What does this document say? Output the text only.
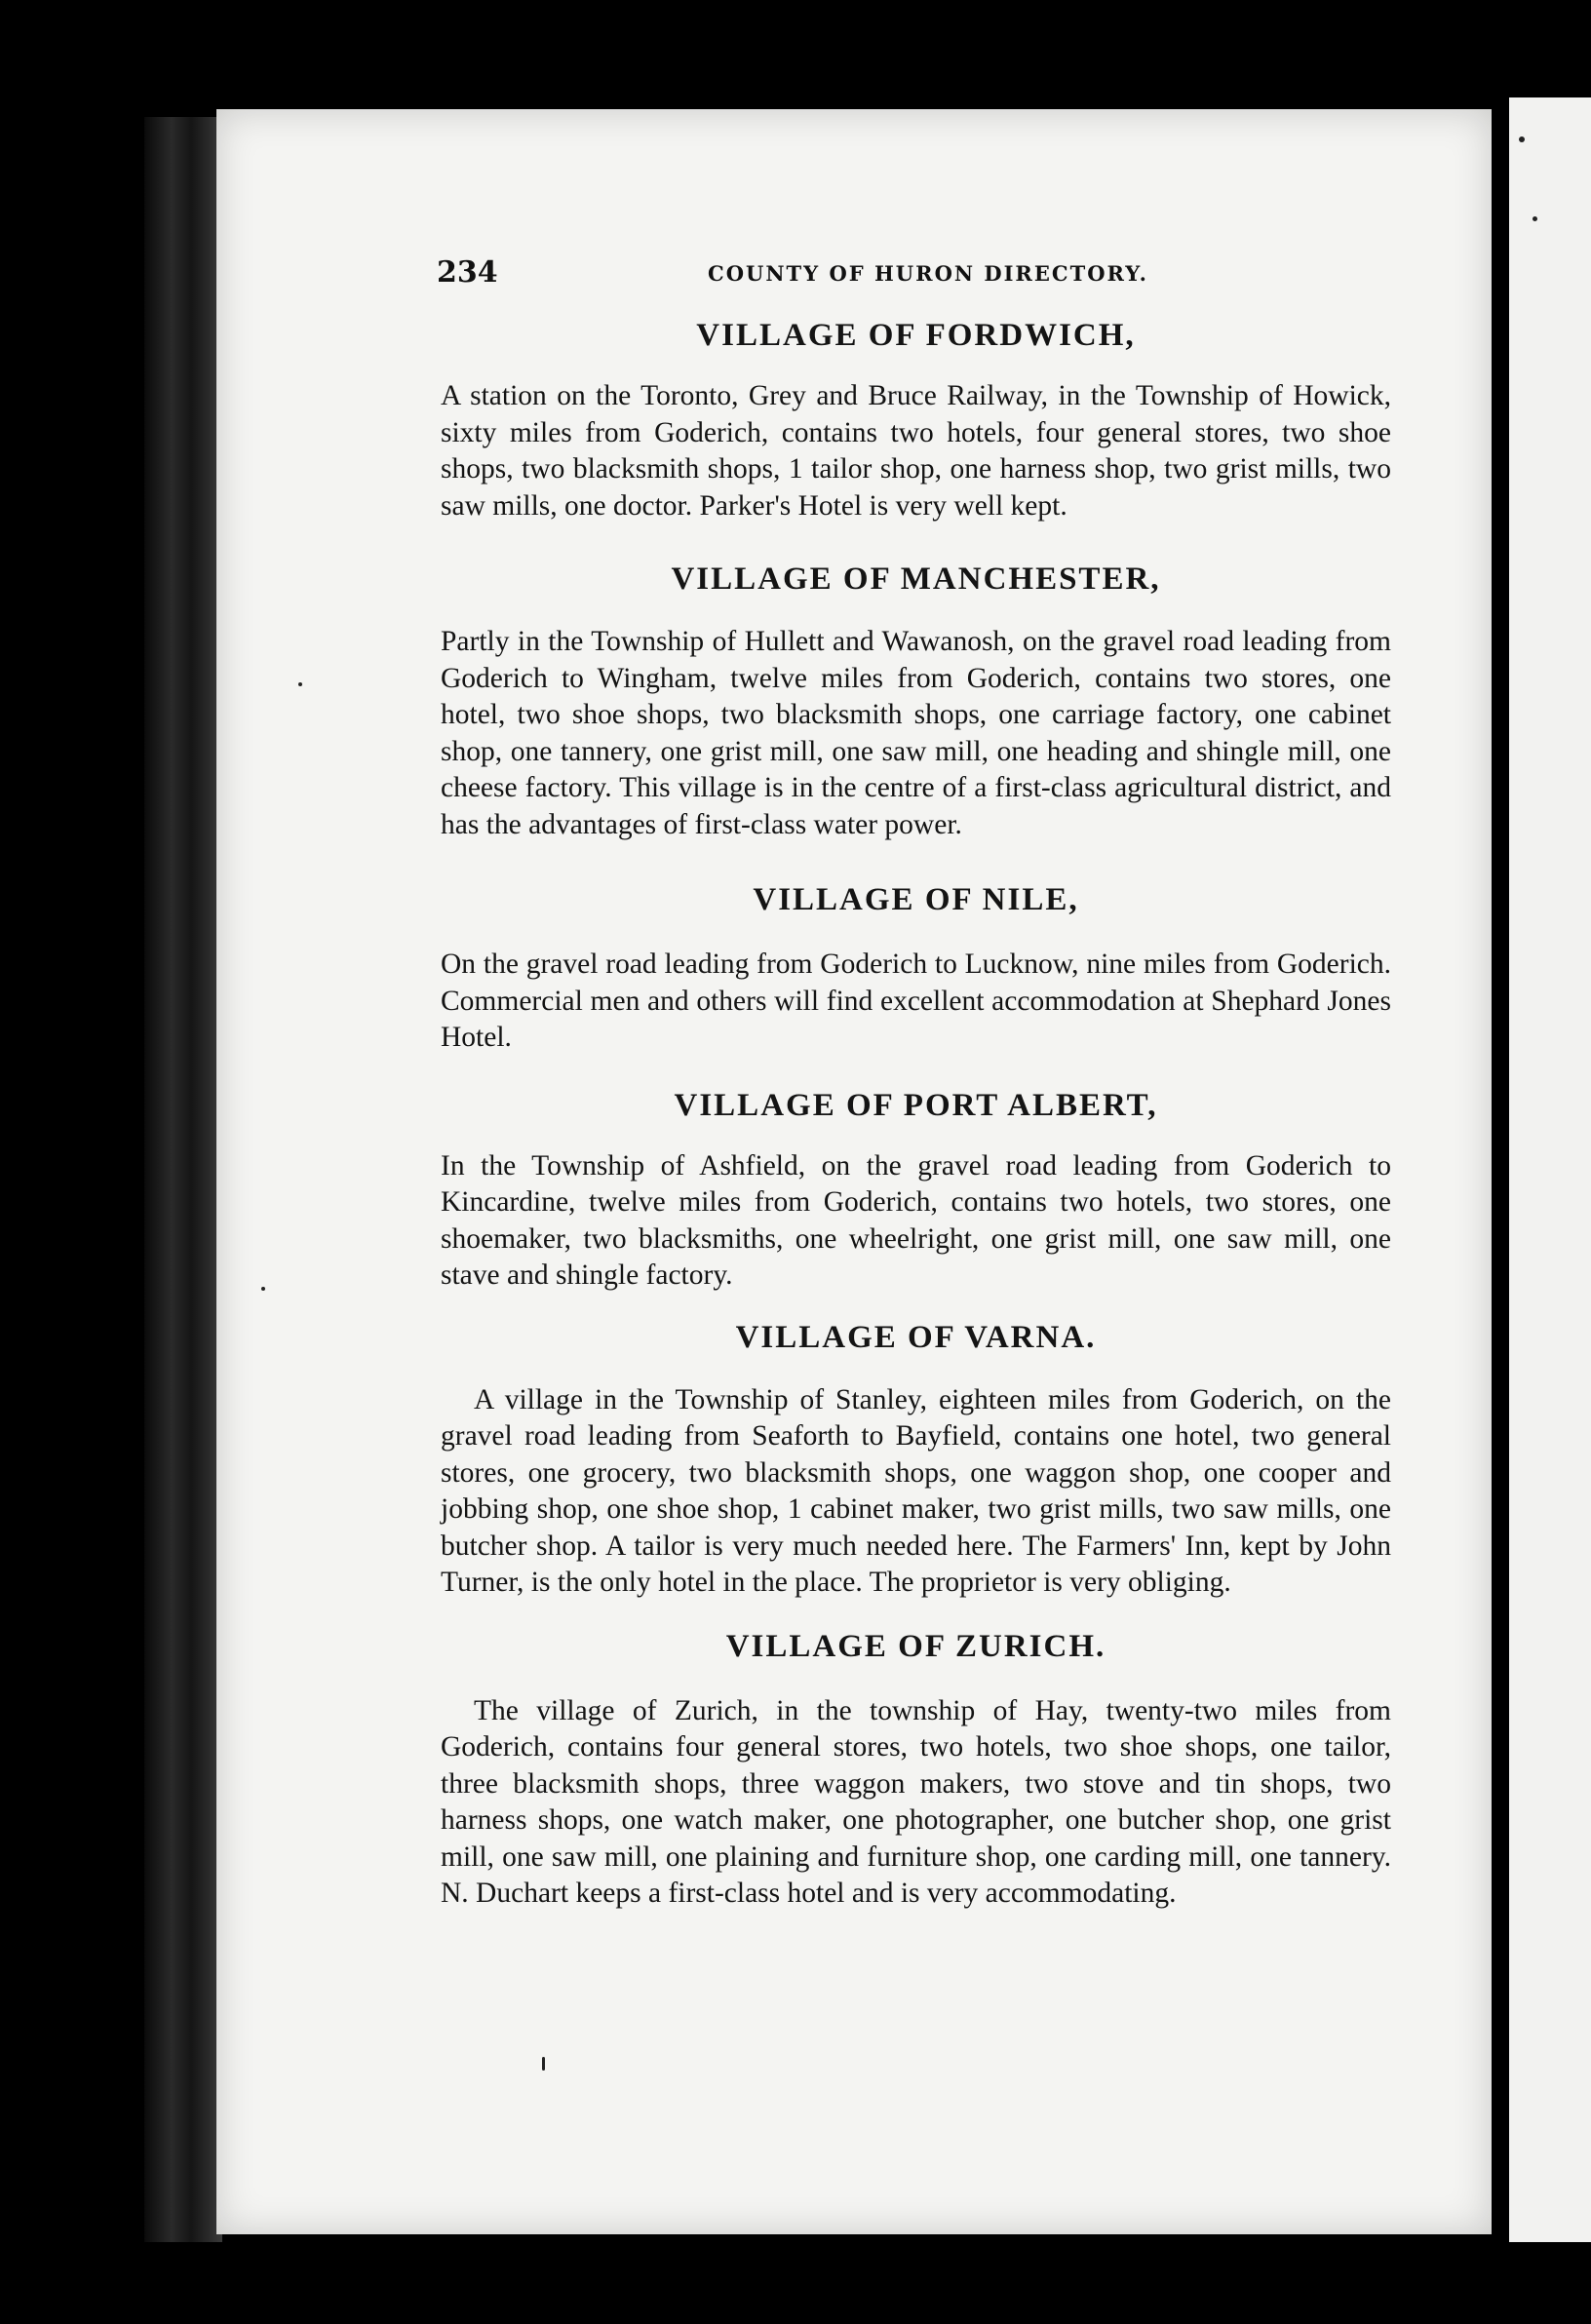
234	COUNTY OF HURON DIRECTORY.
VILLAGE OF FORDWICH,

A station on the Toronto, Grey and Bruce Railway, in the Township of Howick, sixty miles from Goderich, contains two hotels, four general stores, two shoe shops, two blacksmith shops, 1 tailor shop, one harness shop, two grist mills, two saw mills, one doctor. Parker's Hotel is very well kept.

VILLAGE OF MANCHESTER,

Partly in the Township of Hullett and Wawanosh, on the gravel road leading from Goderich to Wingham, twelve miles from Goderich, contains two stores, one hotel, two shoe shops, two blacksmith shops, one carriage factory, one cabinet shop, one tannery, one grist mill, one saw mill, one heading and shingle mill, one cheese factory. This village is in the centre of a first-class agricultural district, and has the advantages of first-class water power.

VILLAGE OF NILE,

On the gravel road leading from Goderich to Lucknow, nine miles from Goderich. Commercial men and others will find excellent accommodation at Shephard Jones Hotel.

VILLAGE OF PORT ALBERT,

In the Township of Ashfield, on the gravel road leading from Goderich to Kincardine, twelve miles from Goderich, contains two hotels, two stores, one shoemaker, two blacksmiths, one wheelright, one grist mill, one saw mill, one stave and shingle factory.

VILLAGE OF VARNA.

A village in the Township of Stanley, eighteen miles from Goderich, on the gravel road leading from Seaforth to Bayfield, contains one hotel, two general stores, one grocery, two blacksmith shops, one waggon shop, one cooper and jobbing shop, one shoe shop, 1 cabinet maker, two grist mills, two saw mills, one butcher shop. A tailor is very much needed here. The Farmers' Inn, kept by John Turner, is the only hotel in the place. The proprietor is very obliging.

VILLAGE OF ZURICH.

The village of Zurich, in the township of Hay, twenty-two miles from Goderich, contains four general stores, two hotels, two shoe shops, one tailor, three blacksmith shops, three waggon makers, two stove and tin shops, two harness shops, one watch maker, one photographer, one butcher shop, one grist mill, one saw mill, one plaining and furniture shop, one carding mill, one tannery. N. Duchart keeps a first-class hotel and is very accommodating.
